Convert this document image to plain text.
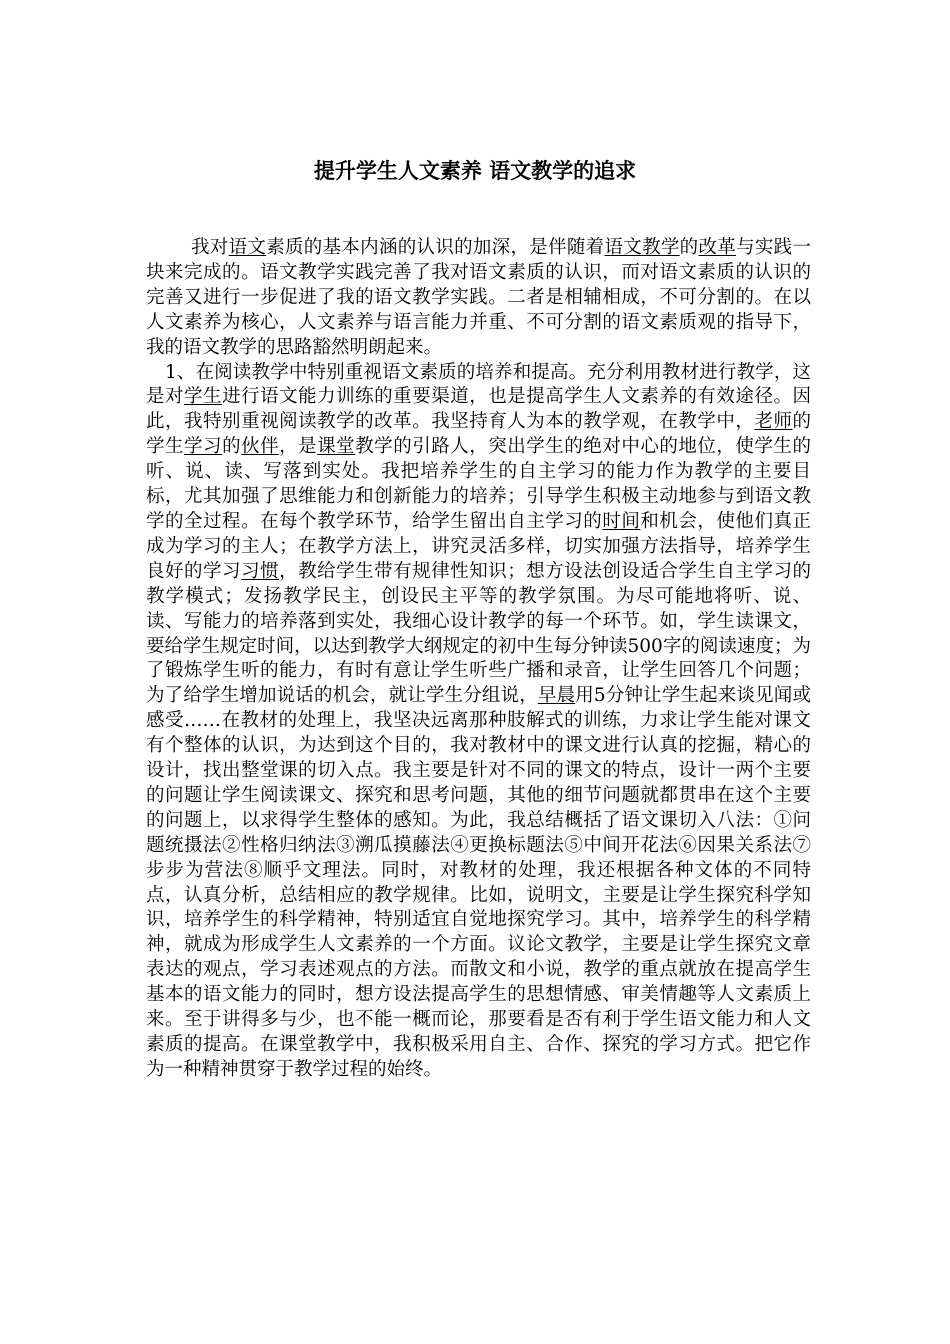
提升学生人文素养 语文教学的追求

我对语文素质的基本内涵的认识的加深，是伴随着语文教学的改革与实践一块来完成的。语文教学实践完善了我对语文素质的认识，而对语文素质的认识的完善又进行一步促进了我的语文教学实践。二者是相辅相成，不可分割的。在以人文素养为核心，人文素养与语言能力并重、不可分割的语文素质观的指导下，我的语文教学的思路豁然明朗起来。

1、在阅读教学中特别重视语文素质的培养和提高。充分利用教材进行教学，这是对学生进行语文能力训练的重要渠道，也是提高学生人文素养的有效途径。因此，我特别重视阅读教学的改革。我坚持育人为本的教学观，在教学中，老师的学生学习的伙伴，是课堂教学的引路人，突出学生的绝对中心的地位，使学生的听、说、读、写落到实处。我把培养学生的自主学习的能力作为教学的主要目标，尤其加强了思维能力和创新能力的培养；引导学生积极主动地参与到语文教学的全过程。在每个教学环节，给学生留出自主学习的时间和机会，使他们真正成为学习的主人；在教学方法上，讲究灵活多样，切实加强方法指导，培养学生良好的学习习惯，教给学生带有规律性知识；想方设法创设适合学生自主学习的教学模式；发扬教学民主，创设民主平等的教学氛围。为尽可能地将听、说、读、写能力的培养落到实处，我细心设计教学的每一个环节。如，学生读课文，要给学生规定时间，以达到教学大纲规定的初中生每分钟读500字的阅读速度；为了锻炼学生听的能力，有时有意让学生听些广播和录音，让学生回答几个问题；为了给学生增加说话的机会，就让学生分组说，早晨用5分钟让学生起来谈见闻或感受……在教材的处理上，我坚决远离那种肢解式的训练，力求让学生能对课文有个整体的认识，为达到这个目的，我对教材中的课文进行认真的挖掘，精心的设计，找出整堂课的切入点。我主要是针对不同的课文的特点，设计一两个主要的问题让学生阅读课文、探究和思考问题，其他的细节问题就都贯串在这个主要的问题上，以求得学生整体的感知。为此，我总结概括了语文课切入八法：①问题统摄法②性格归纳法③溯瓜摸藤法④更换标题法⑤中间开花法⑥因果关系法⑦步步为营法⑧顺乎文理法。同时，对教材的处理，我还根据各种文体的不同特点，认真分析，总结相应的教学规律。比如，说明文，主要是让学生探究科学知识，培养学生的科学精神，特别适宜自觉地探究学习。其中，培养学生的科学精神，就成为形成学生人文素养的一个方面。议论文教学，主要是让学生探究文章表达的观点，学习表述观点的方法。而散文和小说，教学的重点就放在提高学生基本的语文能力的同时，想方设法提高学生的思想情感、审美情趣等人文素质上来。至于讲得多与少，也不能一概而论，那要看是否有利于学生语文能力和人文素质的提高。在课堂教学中，我积极采用自主、合作、探究的学习方式。把它作为一种精神贯穿于教学过程的始终。
